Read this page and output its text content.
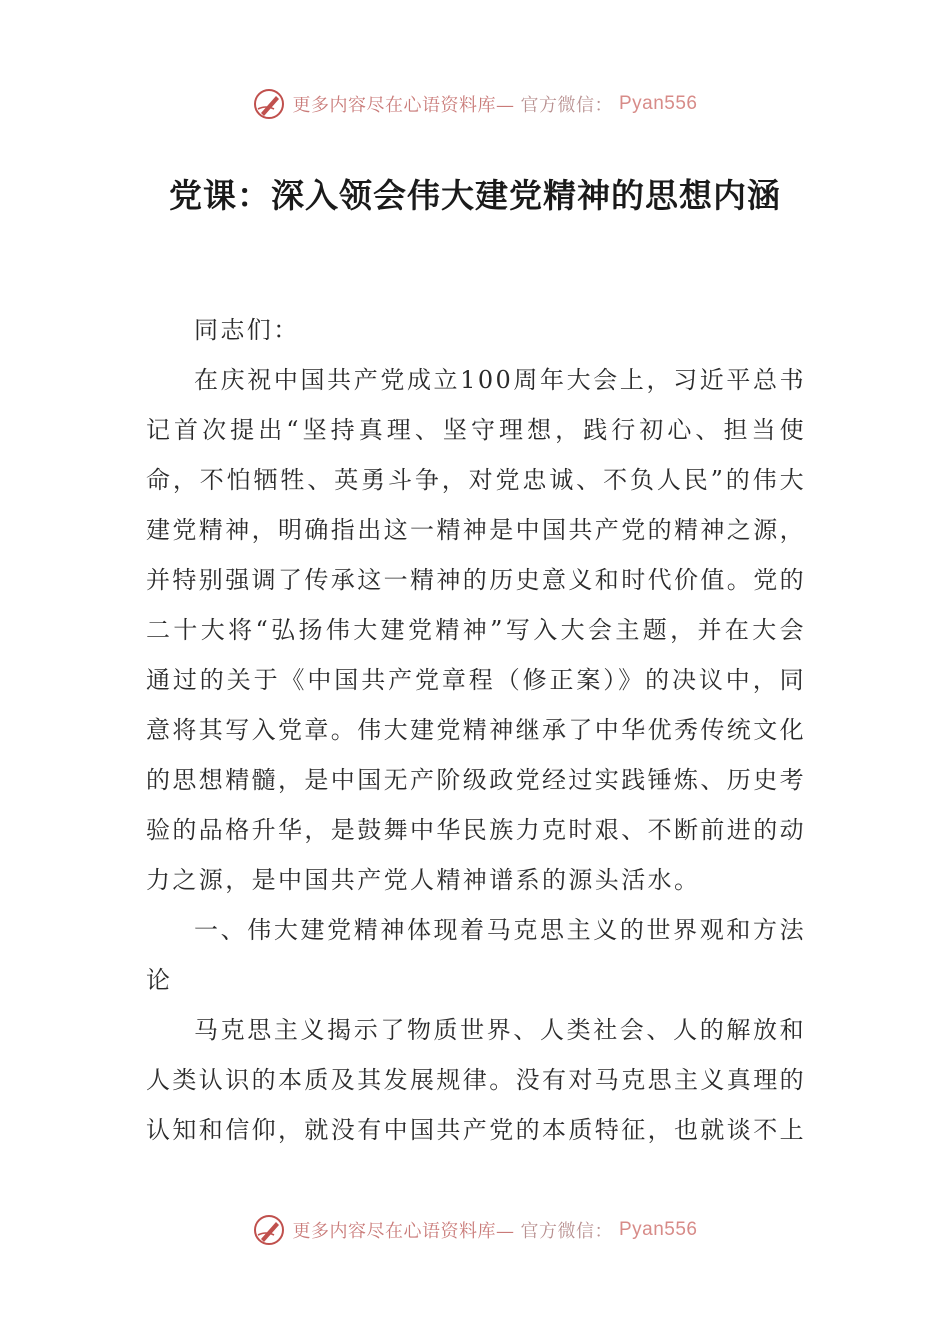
更多内容尽在心语资料库— 官方微信： Pyan556
党课：深入领会伟大建党精神的思想内涵

同志们：

在庆祝中国共产党成立100周年大会上，习近平总书记首次提出“坚持真理、坚守理想，践行初心、担当使命，不怕牺牲、英勇斗争，对党忠诚、不负人民”的伟大建党精神，明确指出这一精神是中国共产党的精神之源，并特别强调了传承这一精神的历史意义和时代价值。党的二十大将“弘扬伟大建党精神”写入大会主题，并在大会通过的关于《中国共产党章程（修正案）》的决议中，同意将其写入党章。伟大建党精神继承了中华优秀传统文化的思想精髓，是中国无产阶级政党经过实践锤炼、历史考验的品格升华，是鼓舞中华民族力克时艰、不断前进的动力之源，是中国共产党人精神谱系的源头活水。

一、伟大建党精神体现着马克思主义的世界观和方法论

马克思主义揭示了物质世界、人类社会、人的解放和人类认识的本质及其发展规律。没有对马克思主义真理的认知和信仰，就没有中国共产党的本质特征，也就谈不上

更多内容尽在心语资料库— 官方微信： Pyan556
